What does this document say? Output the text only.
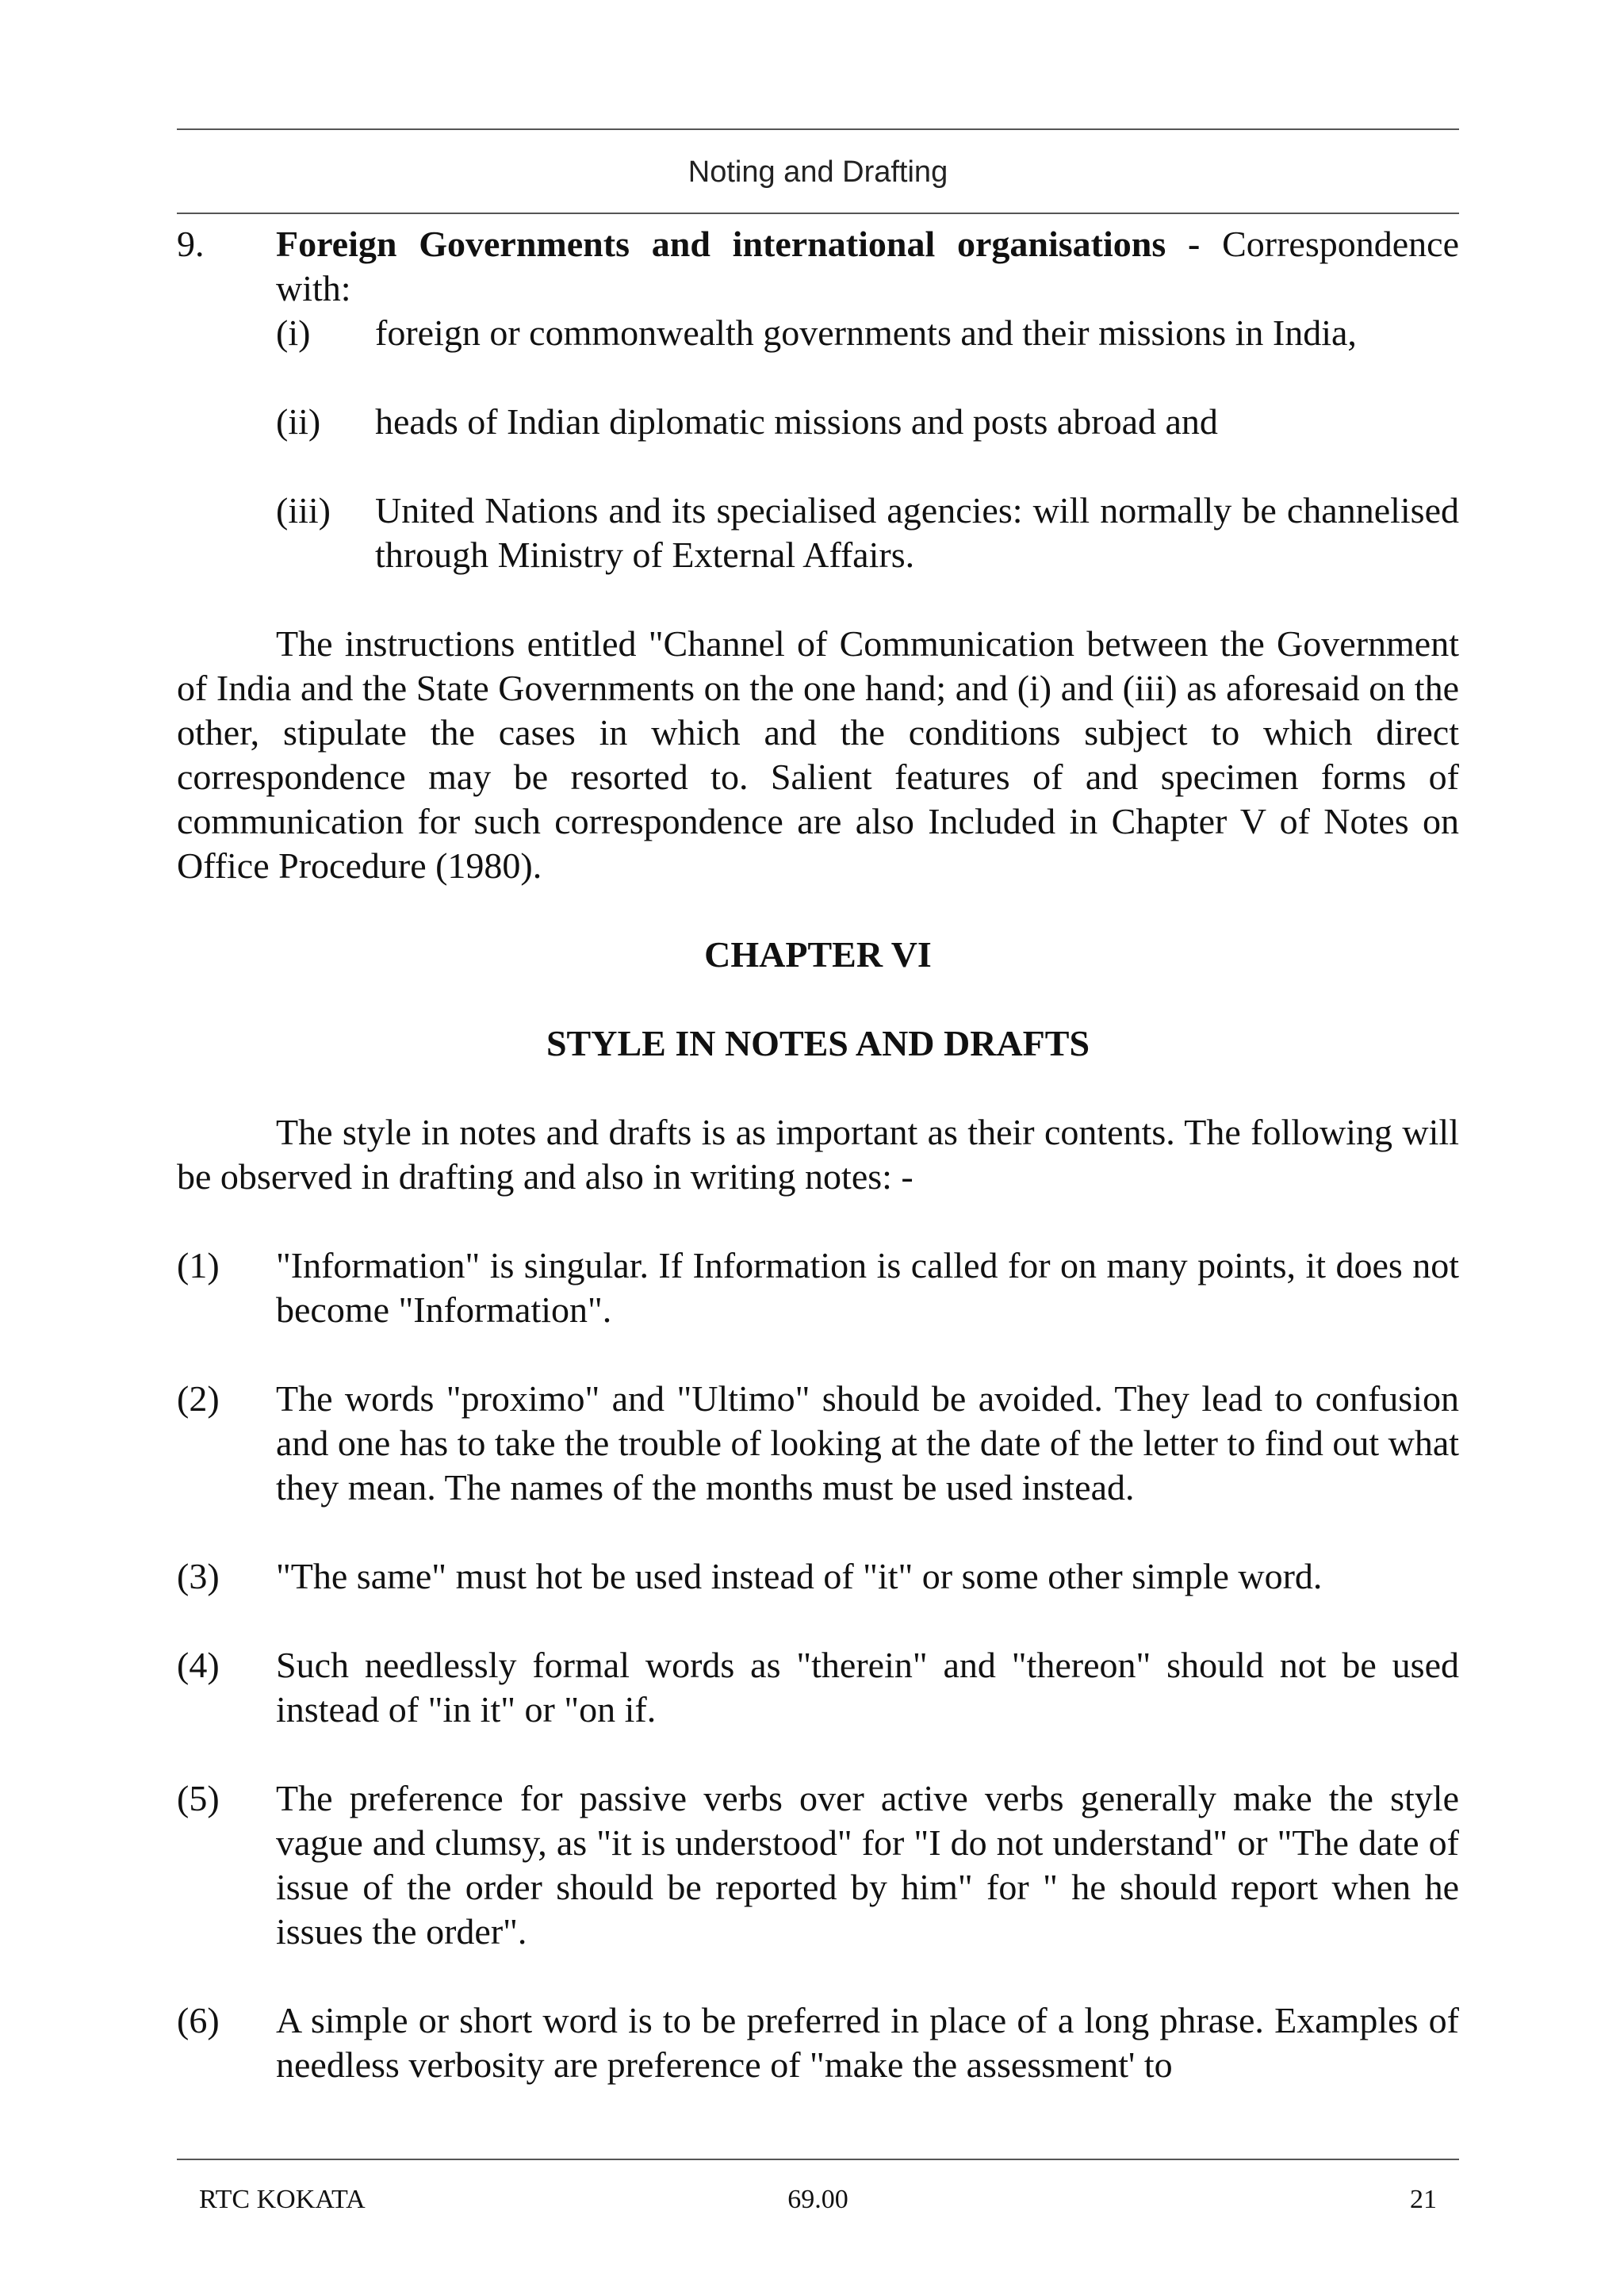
Noting and Drafting
9.	Foreign Governments and international organisations - Correspondence with:
(i)	foreign or commonwealth governments and their missions in India,
(ii)	heads of Indian diplomatic missions and posts abroad and
(iii)	United Nations and its specialised agencies: will normally be channelised through Ministry of External Affairs.

The instructions entitled "Channel of Communication between the Government of India and the State Governments on the one hand; and (i) and (iii) as aforesaid on the other, stipulate the cases in which and the conditions subject to which direct correspondence may be resorted to. Salient features of and specimen forms of communication for such correspondence are also Included in Chapter V of Notes on Office Procedure (1980).

CHAPTER VI
STYLE IN NOTES AND DRAFTS

The style in notes and drafts is as important as their contents. The following will be observed in drafting and also in writing notes: -

(1)	"Information" is singular. If Information is called for on many points, it does not become "Information".
(2)	The words "proximo" and "Ultimo" should be avoided. They lead to confusion and one has to take the trouble of looking at the date of the letter to find out what they mean. The names of the months must be used instead.
(3)	"The same" must hot be used instead of "it" or some other simple word.
(4)	Such needlessly formal words as "therein" and "thereon" should not be used instead of "in it" or "on if.
(5)	The preference for passive verbs over active verbs generally make the style vague and clumsy, as "it is understood" for "I do not understand" or "The date of issue of the order should be reported by him" for " he should report when he issues the order".
(6)	A simple or short word is to be preferred in place of a long phrase. Examples of needless verbosity are preference of "make the assessment' to
RTC KOKATA	69.00	21
